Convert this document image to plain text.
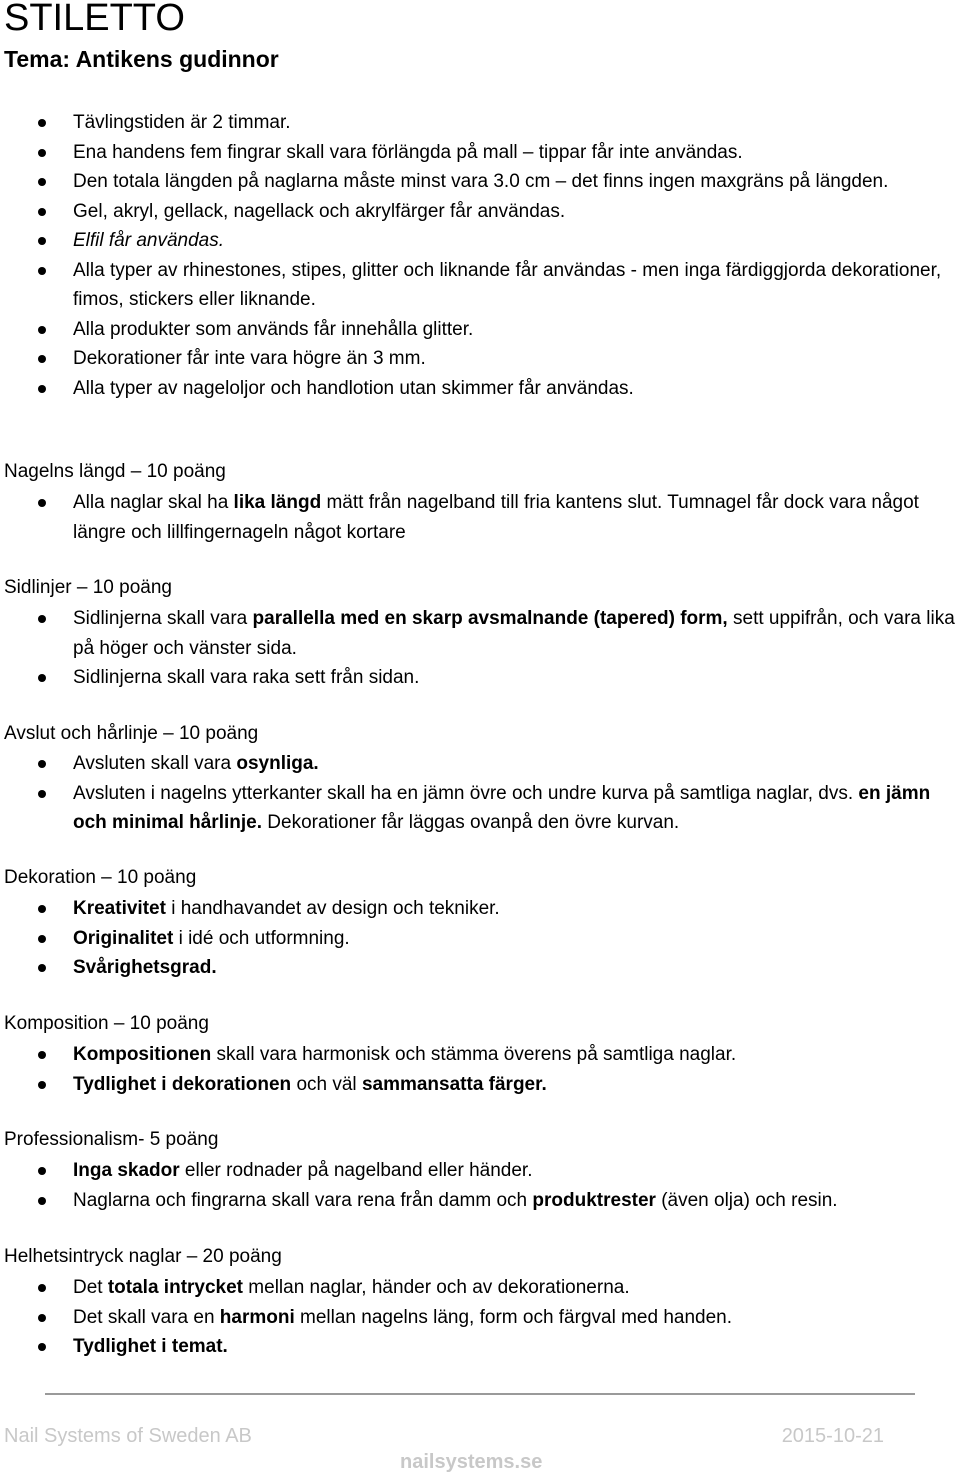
STILETTO
Tema: Antikens gudinnor
Tävlingstiden är 2 timmar.
Ena handens fem fingrar skall vara förlängda på mall – tippar får inte användas.
Den totala längden på naglarna måste minst vara 3.0 cm – det finns ingen maxgräns på längden.
Gel, akryl, gellack, nagellack och akrylfärger får användas.
Elfil får användas.
Alla typer av rhinestones, stipes, glitter och liknande får användas - men inga färdiggjorda dekorationer, fimos, stickers eller liknande.
Alla produkter som används får innehålla glitter.
Dekorationer får inte vara högre än 3 mm.
Alla typer av nageloljor och handlotion utan skimmer får användas.
Nagelns längd – 10 poäng
Alla naglar skal ha lika längd mätt från nagelband till fria kantens slut. Tumnagel får dock vara något längre och lillfingernageln något kortare
Sidlinjer – 10 poäng
Sidlinjerna skall vara parallella med en skarp avsmalnande (tapered) form, sett uppifrån, och vara lika på höger och vänster sida.
Sidlinjerna skall vara raka sett från sidan.
Avslut och hårlinje – 10 poäng
Avsluten skall vara osynliga.
Avsluten i nagelns ytterkanter skall ha en jämn övre och undre kurva på samtliga naglar, dvs. en jämn och minimal hårlinje. Dekorationer får läggas ovanpå den övre kurvan.
Dekoration – 10 poäng
Kreativitet i handhavandet av design och tekniker.
Originalitet i idé och utformning.
Svårighetsgrad.
Komposition – 10 poäng
Kompositionen skall vara harmonisk och stämma överens på samtliga naglar.
Tydlighet i dekorationen och väl sammansatta färger.
Professionalism- 5 poäng
Inga skador eller rodnader på nagelband eller händer.
Naglarna och fingrarna skall vara rena från damm och produktrester (även olja) och resin.
Helhetsintryck naglar – 20 poäng
Det totala intrycket mellan naglar, händer och av dekorationerna.
Det skall vara en harmoni mellan nagelns läng, form och färgval med handen.
Tydlighet i temat.
Nail Systems of Sweden AB	2015-10-21
nailsystems.se
